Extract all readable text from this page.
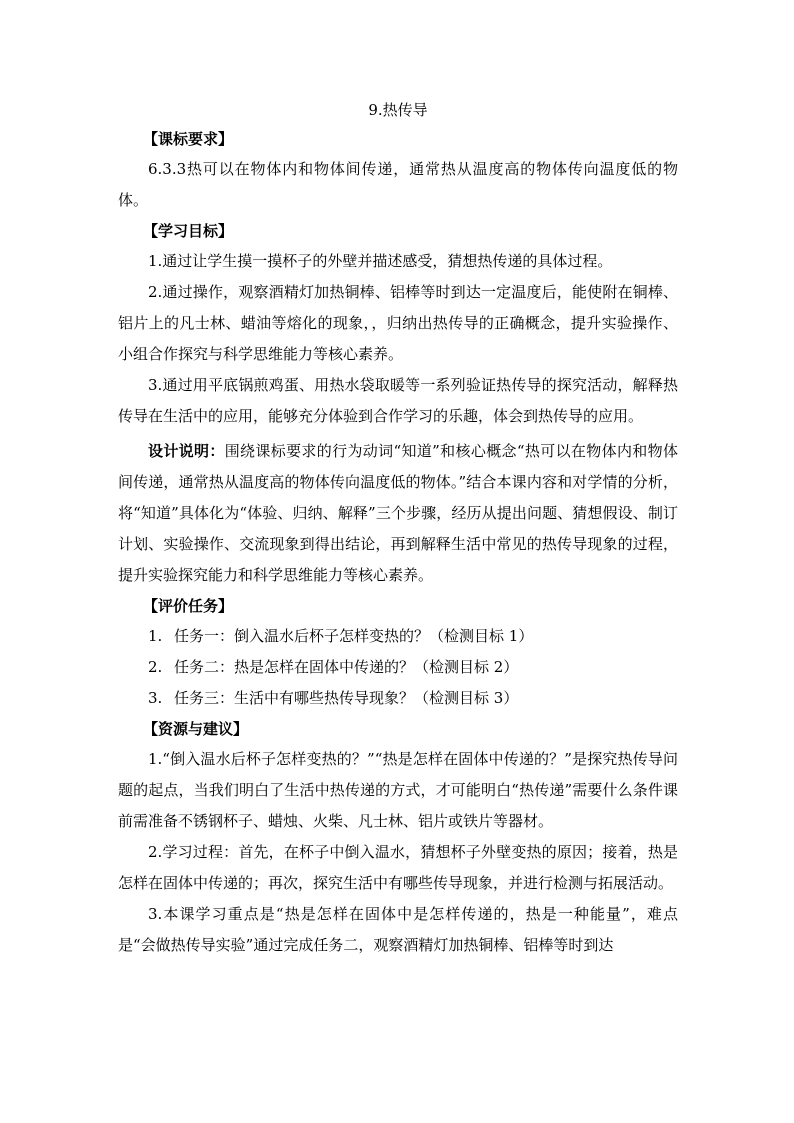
9.热传导
【课标要求】

6.3.3热可以在物体内和物体间传递，通常热从温度高的物体传向温度低的物体。

【学习目标】

1.通过让学生摸一摸杯子的外壁并描述感受，猜想热传递的具体过程。

2.通过操作，观察酒精灯加热铜棒、铝棒等时到达一定温度后，能使附在铜棒、铝片上的凡士林、蜡油等熔化的现象，，归纳出热传导的正确概念，提升实验操作、小组合作探究与科学思维能力等核心素养。

3.通过用平底锅煎鸡蛋、用热水袋取暖等一系列验证热传导的探究活动，解释热传导在生活中的应用，能够充分体验到合作学习的乐趣，体会到热传导的应用。

设计说明：围绕课标要求的行为动词“知道”和核心概念“热可以在物体内和物体间传递，通常热从温度高的物体传向温度低的物体。”结合本课内容和对学情的分析，将“知道”具体化为“体验、归纳、解释”三个步骤，经历从提出问题、猜想假设、制订计划、实验操作、交流现象到得出结论，再到解释生活中常见的热传导现象的过程，提升实验探究能力和科学思维能力等核心素养。

【评价任务】

1. 任务一：倒入温水后杯子怎样变热的？（检测目标 1）

2. 任务二：热是怎样在固体中传递的？（检测目标 2）

3. 任务三：生活中有哪些热传导现象？（检测目标 3）

【资源与建议】

1.“倒入温水后杯子怎样变热的？”“热是怎样在固体中传递的？”是探究热传导问题的起点，当我们明白了生活中热传递的方式，才可能明白“热传递”需要什么条件课前需准备不锈钢杯子、蜡烛、火柴、凡士林、铝片或铁片等器材。

2.学习过程：首先，在杯子中倒入温水，猜想杯子外壁变热的原因；接着，热是怎样在固体中传递的；再次，探究生活中有哪些传导现象，并进行检测与拓展活动。

3.本课学习重点是“热是怎样在固体中是怎样传递的，热是一种能量”，难点是“会做热传导实验”通过完成任务二，观察酒精灯加热铜棒、铝棒等时到达
